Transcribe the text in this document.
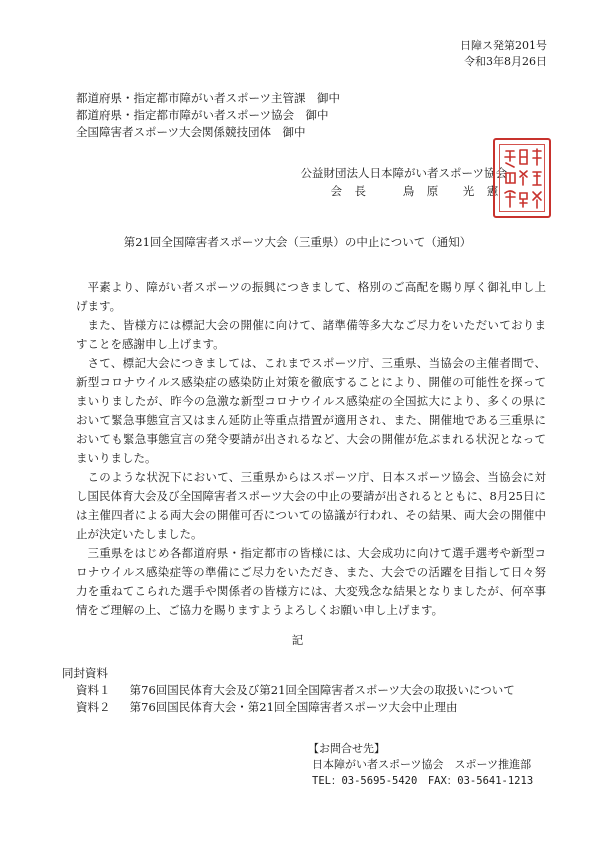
日障ス発第201号
令和3年8月26日
都道府県・指定都市障がい者スポーツ主管課　御中
都道府県・指定都市障がい者スポーツ協会　御中
全国障害者スポーツ大会関係競技団体　御中
公益財団法人日本障がい者スポーツ協会
会　長	鳥　原　　光　憲
第21回全国障害者スポーツ大会（三重県）の中止について（通知）

平素より、障がい者スポーツの振興につきまして、格別のご高配を賜り厚く御礼申し上げます。

また、皆様方には標記大会の開催に向けて、諸準備等多大なご尽力をいただいておりますことを感謝申し上げます。

さて、標記大会につきましては、これまでスポーツ庁、三重県、当協会の主催者間で、新型コロナウイルス感染症の感染防止対策を徹底することにより、開催の可能性を探ってまいりましたが、昨今の急激な新型コロナウイルス感染症の全国拡大により、多くの県において緊急事態宣言又はまん延防止等重点措置が適用され、また、開催地である三重県においても緊急事態宣言の発令要請が出されるなど、大会の開催が危ぶまれる状況となってまいりました。

このような状況下において、三重県からはスポーツ庁、日本スポーツ協会、当協会に対し国民体育大会及び全国障害者スポーツ大会の中止の要請が出されるとともに、8月25日には主催四者による両大会の開催可否についての協議が行われ、その結果、両大会の開催中止が決定いたしました。

三重県をはじめ各都道府県・指定都市の皆様には、大会成功に向けて選手選考や新型コロナウイルス感染症等の準備にご尽力をいただき、また、大会での活躍を目指して日々努力を重ねてこられた選手や関係者の皆様方には、大変残念な結果となりましたが、何卒事情をご理解の上、ご協力を賜りますようよろしくお願い申し上げます。

記
同封資料
資料１ 第76回国民体育大会及び第21回全国障害者スポーツ大会の取扱いについて
資料２ 第76回国民体育大会・第21回全国障害者スポーツ大会中止理由
【お問合せ先】
日本障がい者スポーツ協会　スポーツ推進部
TEL：03-5695-5420　FAX：03-5641-1213
